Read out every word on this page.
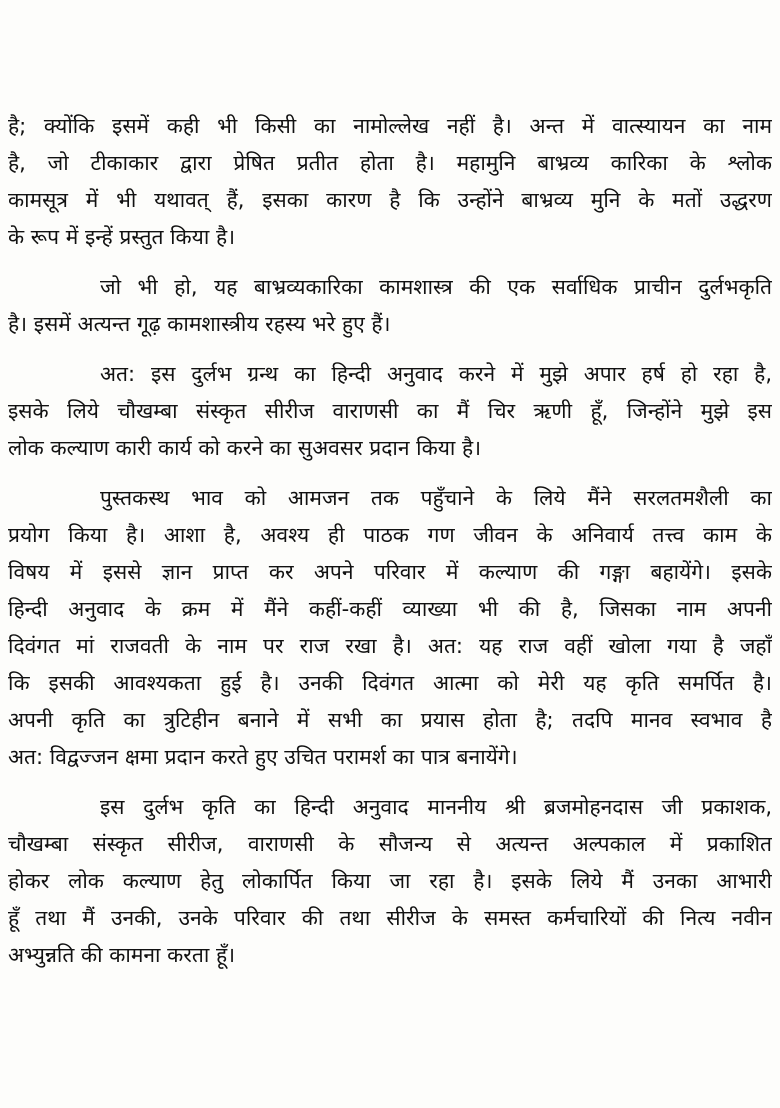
है; क्योंकि इसमें कही भी किसी का नामोल्लेख नहीं है। अन्त में वात्स्यायन का नाम
है, जो टीकाकार द्वारा प्रेषित प्रतीत होता है। महामुनि बाभ्रव्य कारिका के श्लोक
कामसूत्र में भी यथावत् हैं, इसका कारण है कि उन्होंने बाभ्रव्य मुनि के मतों उद्धरण
के रूप में इन्हें प्रस्तुत किया है।
जो भी हो, यह बाभ्रव्यकारिका कामशास्त्र की एक सर्वाधिक प्राचीन दुर्लभकृति
है। इसमें अत्यन्त गूढ़ कामशास्त्रीय रहस्य भरे हुए हैं।
अत: इस दुर्लभ ग्रन्थ का हिन्दी अनुवाद करने में मुझे अपार हर्ष हो रहा है,
इसके लिये चौखम्बा संस्कृत सीरीज वाराणसी का मैं चिर ऋणी हूँ, जिन्होंने मुझे इस
लोक कल्याण कारी कार्य को करने का सुअवसर प्रदान किया है।
पुस्तकस्थ भाव को आमजन तक पहुँचाने के लिये मैंने सरलतमशैली का
प्रयोग किया है। आशा है, अवश्य ही पाठक गण जीवन के अनिवार्य तत्त्व काम के
विषय में इससे ज्ञान प्राप्त कर अपने परिवार में कल्याण की गङ्गा बहायेंगे। इसके
हिन्दी अनुवाद के क्रम में मैंने कहीं-कहीं व्याख्या भी की है, जिसका नाम अपनी
दिवंगत मां राजवती के नाम पर राज रखा है। अत: यह राज वहीं खोला गया है जहाँ
कि इसकी आवश्यकता हुई है। उनकी दिवंगत आत्मा को मेरी यह कृति समर्पित है।
अपनी कृति का त्रुटिहीन बनाने में सभी का प्रयास होता है; तदपि मानव स्वभाव है
अत: विद्वज्जन क्षमा प्रदान करते हुए उचित परामर्श का पात्र बनायेंगे।
इस दुर्लभ कृति का हिन्दी अनुवाद माननीय श्री ब्रजमोहनदास जी प्रकाशक,
चौखम्बा संस्कृत सीरीज, वाराणसी के सौजन्य से अत्यन्त अल्पकाल में प्रकाशित
होकर लोक कल्याण हेतु लोकार्पित किया जा रहा है। इसके लिये मैं उनका आभारी
हूँ तथा मैं उनकी, उनके परिवार की तथा सीरीज के समस्त कर्मचारियों की नित्य नवीन
अभ्युन्नति की कामना करता हूँ।
